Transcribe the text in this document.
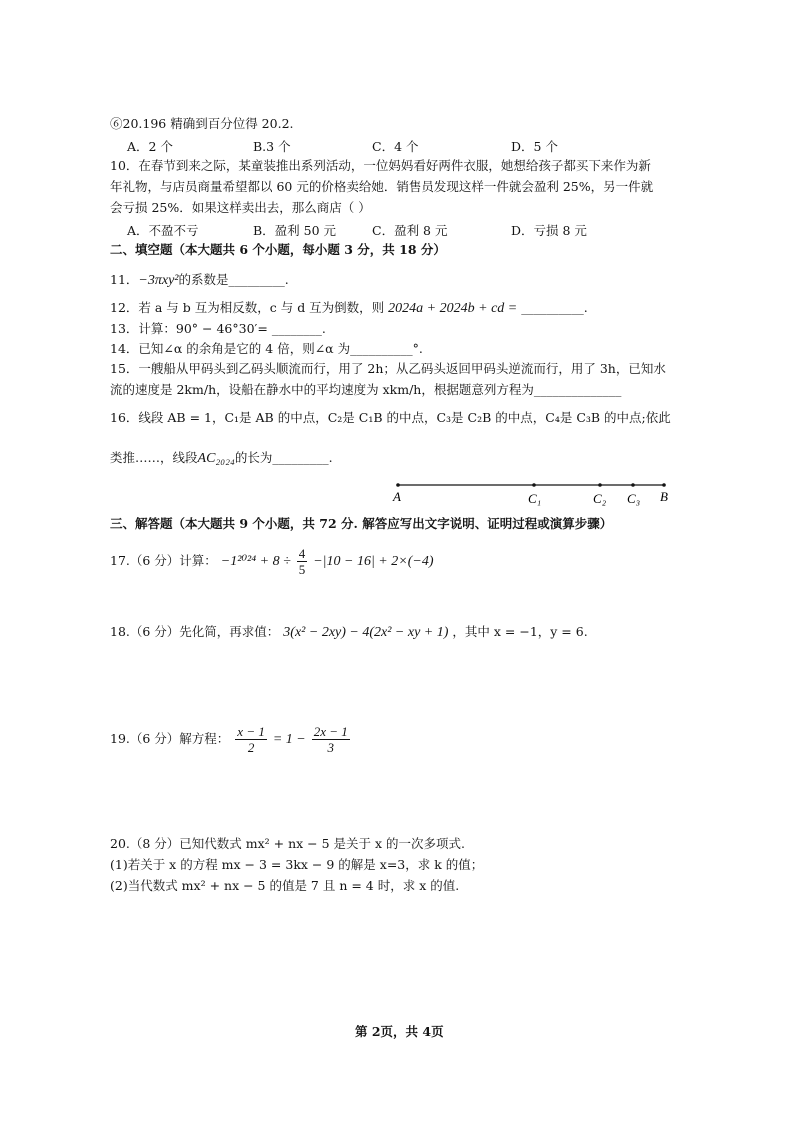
⑥20.196 精确到百分位得 20.2.
A．2 个	B.3 个	C．4 个	D．5 个
10．在春节到来之际，某童装推出系列活动，一位妈妈看好两件衣服，她想给孩子都买下来作为新
年礼物，与店员商量希望都以 60 元的价格卖给她．销售员发现这样一件就会盈利 25%，另一件就
会亏损 25%．如果这样卖出去，那么商店（ ）
A．不盈不亏	B．盈利 50 元	C．盈利 8 元	D．亏损 8 元
二、填空题（本大题共 6 个小题，每小题 3 分，共 18 分）
11．−3πxy²的系数是_________.
12．若 a 与 b 互为相反数，c 与 d 互为倒数，则 2024a + 2024b + cd = __________.
13．计算：90° − 46°30′= ________.
14．已知∠α 的余角是它的 4 倍，则∠α 为__________°.
15．一艘船从甲码头到乙码头顺流而行，用了 2h；从乙码头返回甲码头逆流而行，用了 3h，已知水
流的速度是 2km/h，设船在静水中的平均速度为 xkm/h，根据题意列方程为______________
16．线段 AB = 1，C₁是 AB 的中点，C₂是 C₁B 的中点，C₃是 C₂B 的中点，C₄是 C₃B 的中点;依此
类推……，线段AC₂₀₂₄的长为_________.
A	C₁	C₂ C₃ B
三、解答题（本大题共 9 个小题，共 72 分. 解答应写出文字说明、证明过程或演算步骤）
17.（6 分）计算： $-1^{2024} + 8 \div \frac{4}{5} -|10 - 16| + 2\times(-4)$
18.（6 分）先化简，再求值： 3(x² − 2xy) − 4(2x² − xy + 1) ，其中 x = −1，y = 6.
19.（6 分）解方程： $\frac{x - 1}{2} = 1 - \frac{2x - 1}{3}$
20.（8 分）已知代数式 mx² + nx − 5 是关于 x 的一次多项式.
(1)若关于 x 的方程 mx − 3 = 3kx − 9 的解是 x=3，求 k 的值；
(2)当代数式 mx² + nx − 5 的值是 7 且 n = 4 时，求 x 的值.
第 2页，共 4页
